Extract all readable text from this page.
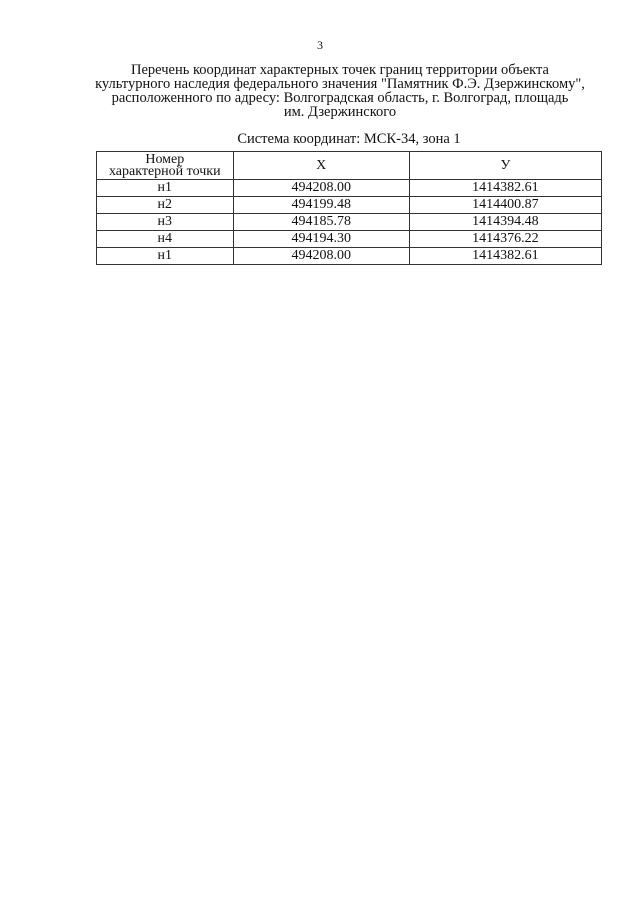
3
Перечень координат характерных точек границ территории объекта
культурного наследия федерального значения "Памятник Ф.Э. Дзержинскому",
расположенного по адресу: Волгоградская область, г. Волгоград, площадь
им. Дзержинского
Система координат: МСК-34, зона 1
Номер
характерной точки	X	У
н1	494208.00	1414382.61
н2	494199.48	1414400.87
н3	494185.78	1414394.48
н4	494194.30	1414376.22
н1	494208.00	1414382.61
